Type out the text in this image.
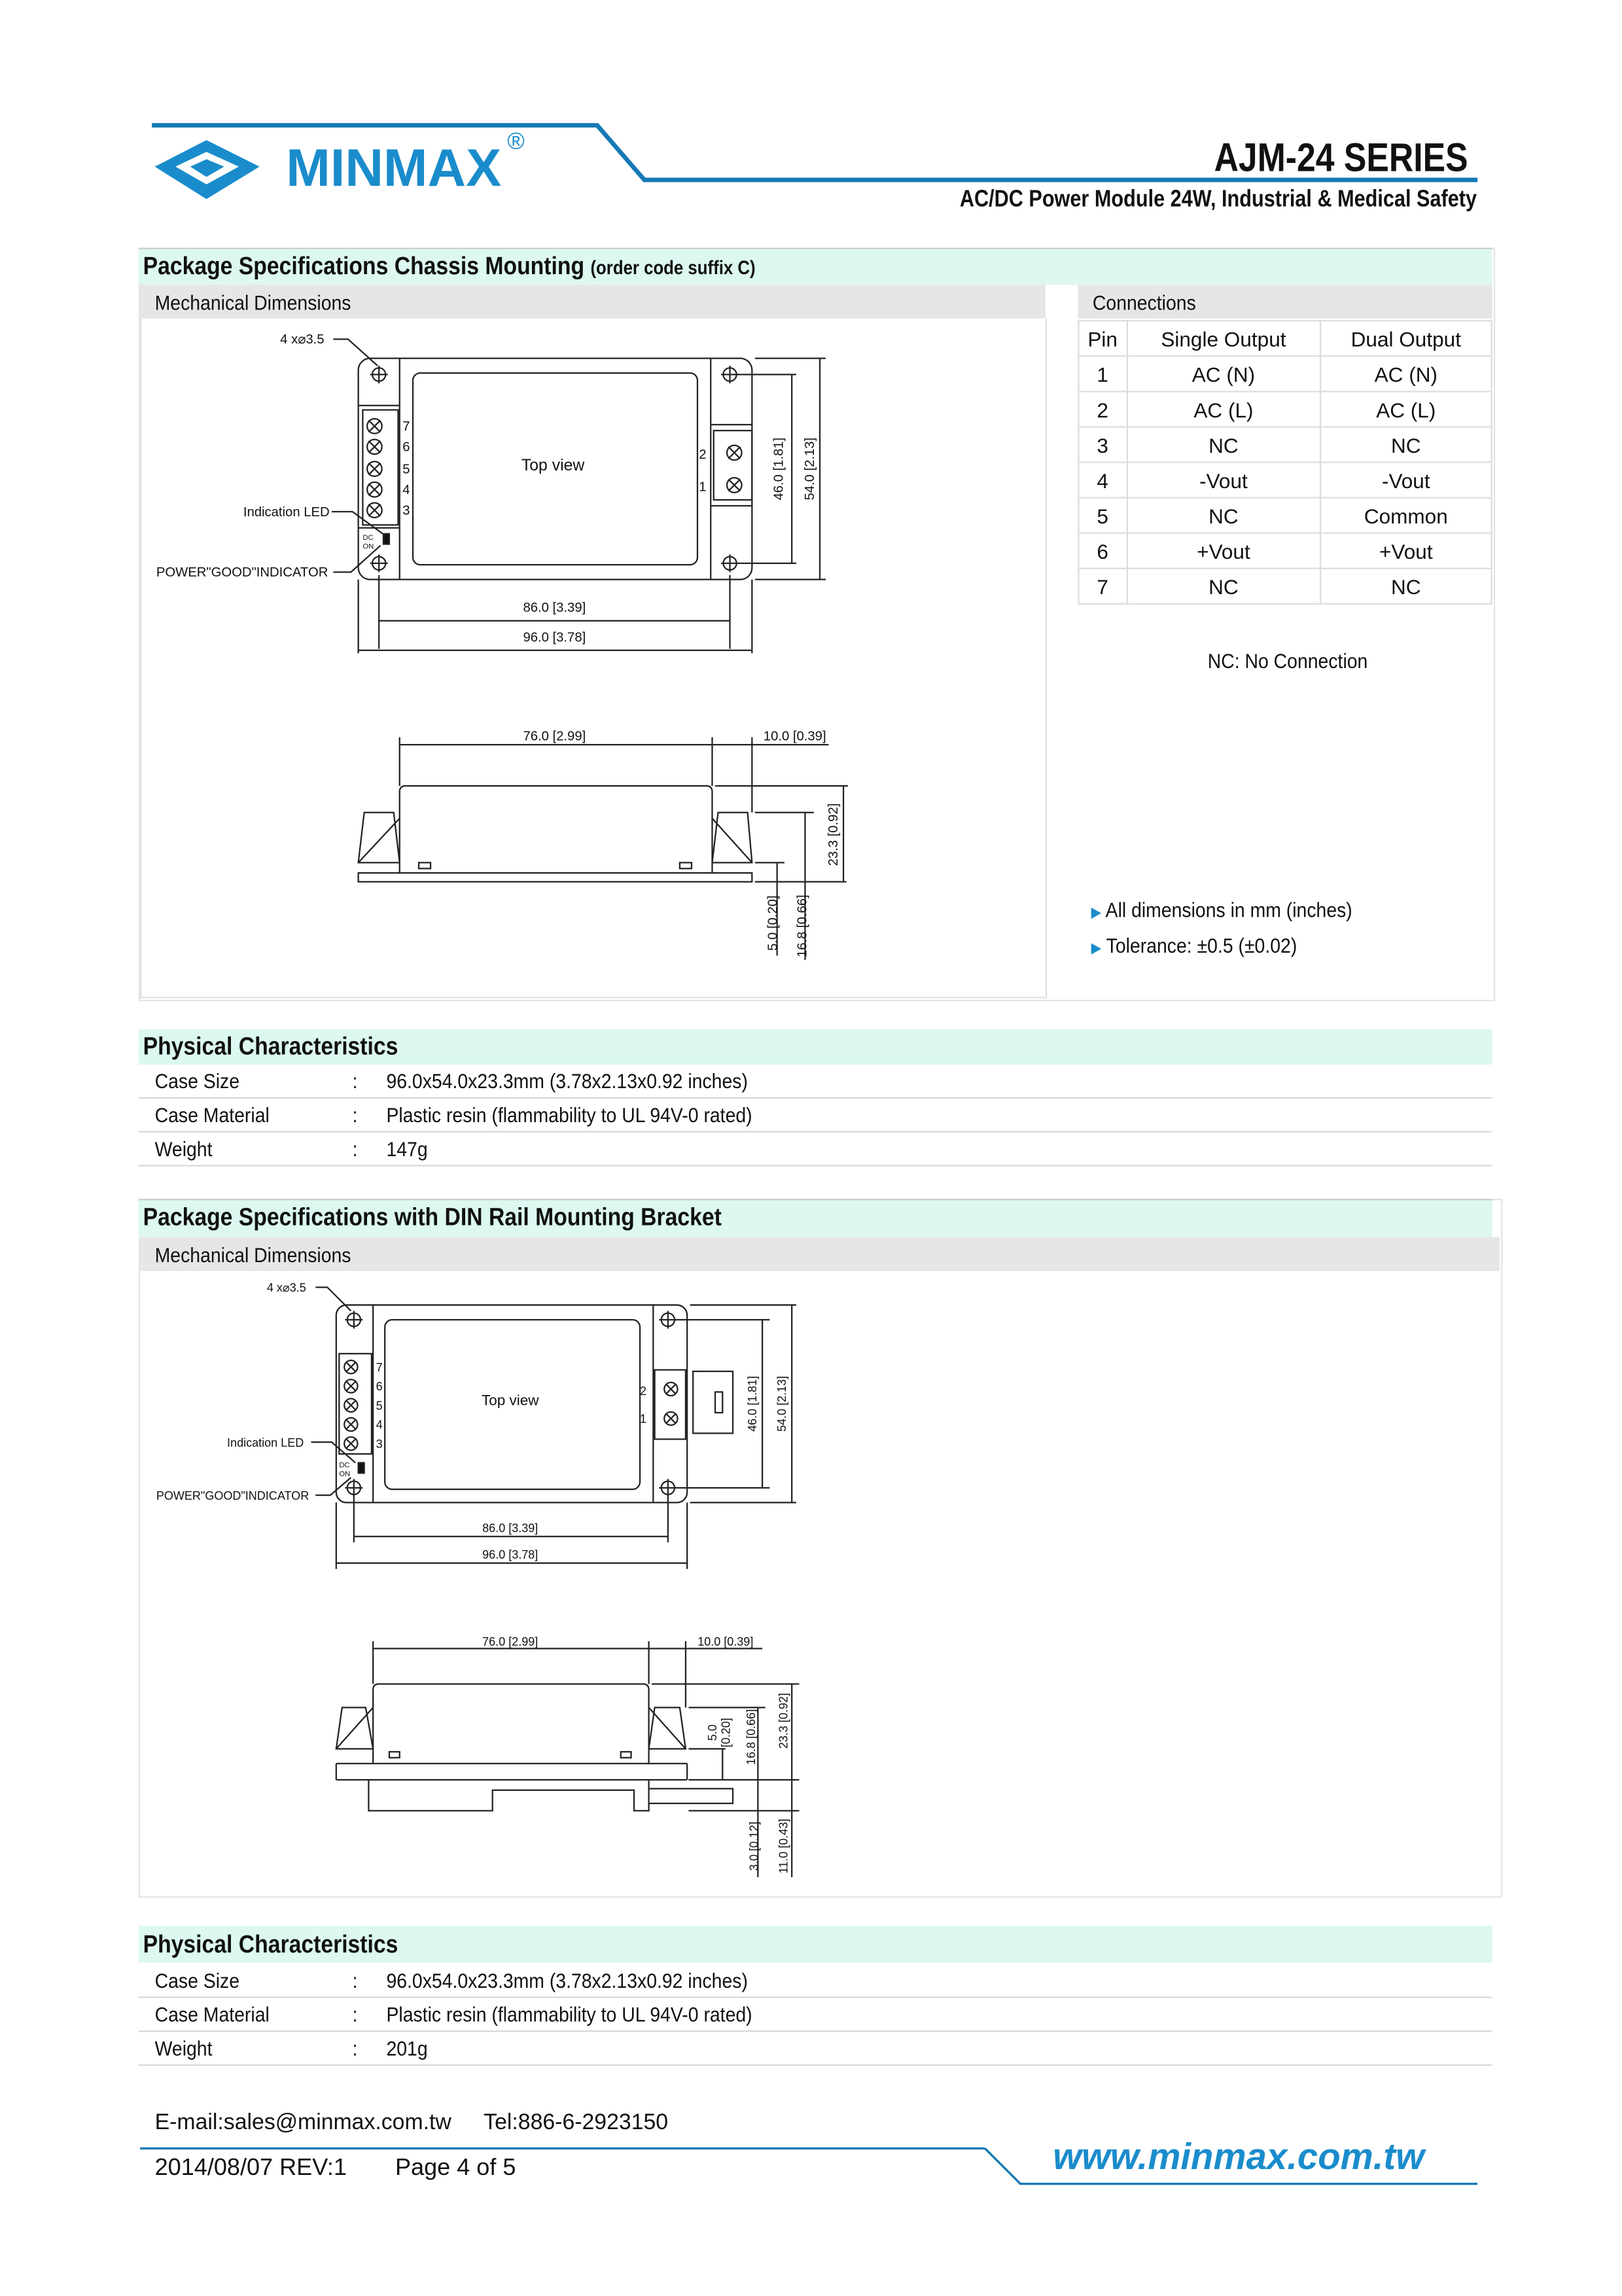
MINMAX ®	AJM-24 SERIES
AC/DC Power Module 24W, Industrial & Medical Safety
Package Specifications Chassis Mounting (order code suffix C)
Mechanical Dimensions	Connections
Pin	Single Output	Dual Output
1	AC (N)	AC (N)
2	AC (L)	AC (L)
3	NC	NC
4	-Vout	-Vout
5	NC	Common
6	+Vout	+Vout
7	NC	NC
NC: No Connection
▶ All dimensions in mm (inches)
▶ Tolerance: ±0.5 (±0.02)
Physical Characteristics
Case Size	:	96.0x54.0x23.3mm (3.78x2.13x0.92 inches)
Case Material	:	Plastic resin (flammability to UL 94V-0 rated)
Weight	:	147g
Package Specifications with DIN Rail Mounting Bracket
Mechanical Dimensions
Physical Characteristics
Case Size	:	96.0x54.0x23.3mm (3.78x2.13x0.92 inches)
Case Material	:	Plastic resin (flammability to UL 94V-0 rated)
Weight	:	201g
4 x⌀3.5
Indication LED
POWER"GOOD"INDICATOR
DC
ON
Top view
7
6
5
4
3
2
1
86.0 [3.39]
96.0 [3.78]
46.0 [1.81]	54.0 [2.13]
76.0 [2.99]	10.0 [0.39]
23.3 [0.92]
5.0 [0.20]	16.8 [0.66]
4 x⌀3.5
Indication LED
POWER"GOOD"INDICATOR
DC
ON
Top view
7
6
5
4
3
2
1
86.0 [3.39]
96.0 [3.78]
46.0 [1.81]	54.0 [2.13]
76.0 [2.99]	10.0 [0.39]
5.0 [0.20] 16.8 [0.66]	23.3 [0.92]
3.0 [0.12]	11.0 [0.43]
E-mail:sales@minmax.com.tw	Tel:886-6-2923150
2014/08/07 REV:1	Page 4 of 5	www.minmax.com.tw
